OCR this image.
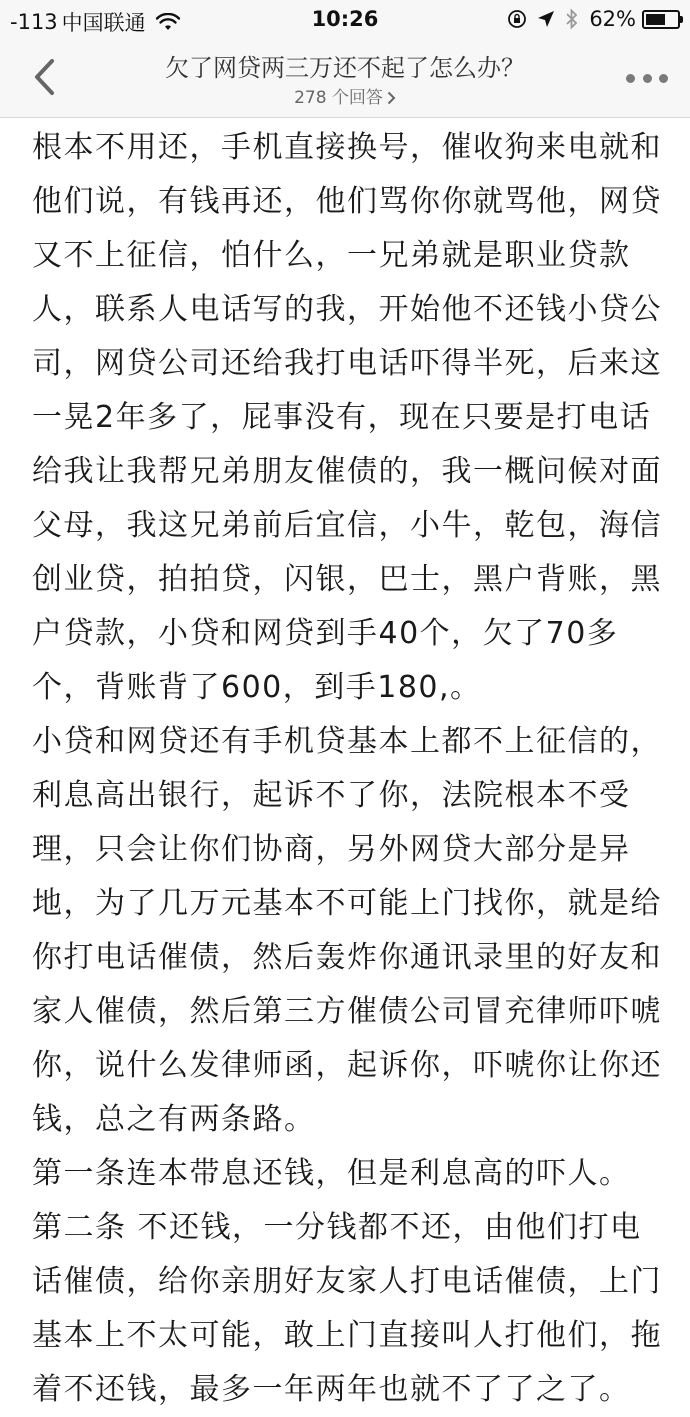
-113 中国联通	10:26	62%
欠了网贷两三万还不起了怎么办？
278 个回答

根本不用还，手机直接换号，催收狗来电就和他们说，有钱再还，他们骂你你就骂他，网贷又不上征信，怕什么，一兄弟就是职业贷款人，联系人电话写的我，开始他不还钱小贷公司，网贷公司还给我打电话吓得半死，后来这一晃2年多了，屁事没有，现在只要是打电话给我让我帮兄弟朋友催债的，我一概问候对面父母，我这兄弟前后宜信，小牛，乾包，海信创业贷，拍拍贷，闪银，巴士，黑户背账，黑户贷款，小贷和网贷到手40个，欠了70多个，背账背了600，到手180,。

小贷和网贷还有手机贷基本上都不上征信的，利息高出银行，起诉不了你，法院根本不受理，只会让你们协商，另外网贷大部分是异地，为了几万元基本不可能上门找你，就是给你打电话催债，然后轰炸你通讯录里的好友和家人催债，然后第三方催债公司冒充律师吓唬你，说什么发律师函，起诉你，吓唬你让你还钱，总之有两条路。

第一条连本带息还钱，但是利息高的吓人。

第二条 不还钱，一分钱都不还，由他们打电话催债，给你亲朋好友家人打电话催债，上门基本上不太可能，敢上门直接叫人打他们，拖着不还钱，最多一年两年也就不了了之了。
